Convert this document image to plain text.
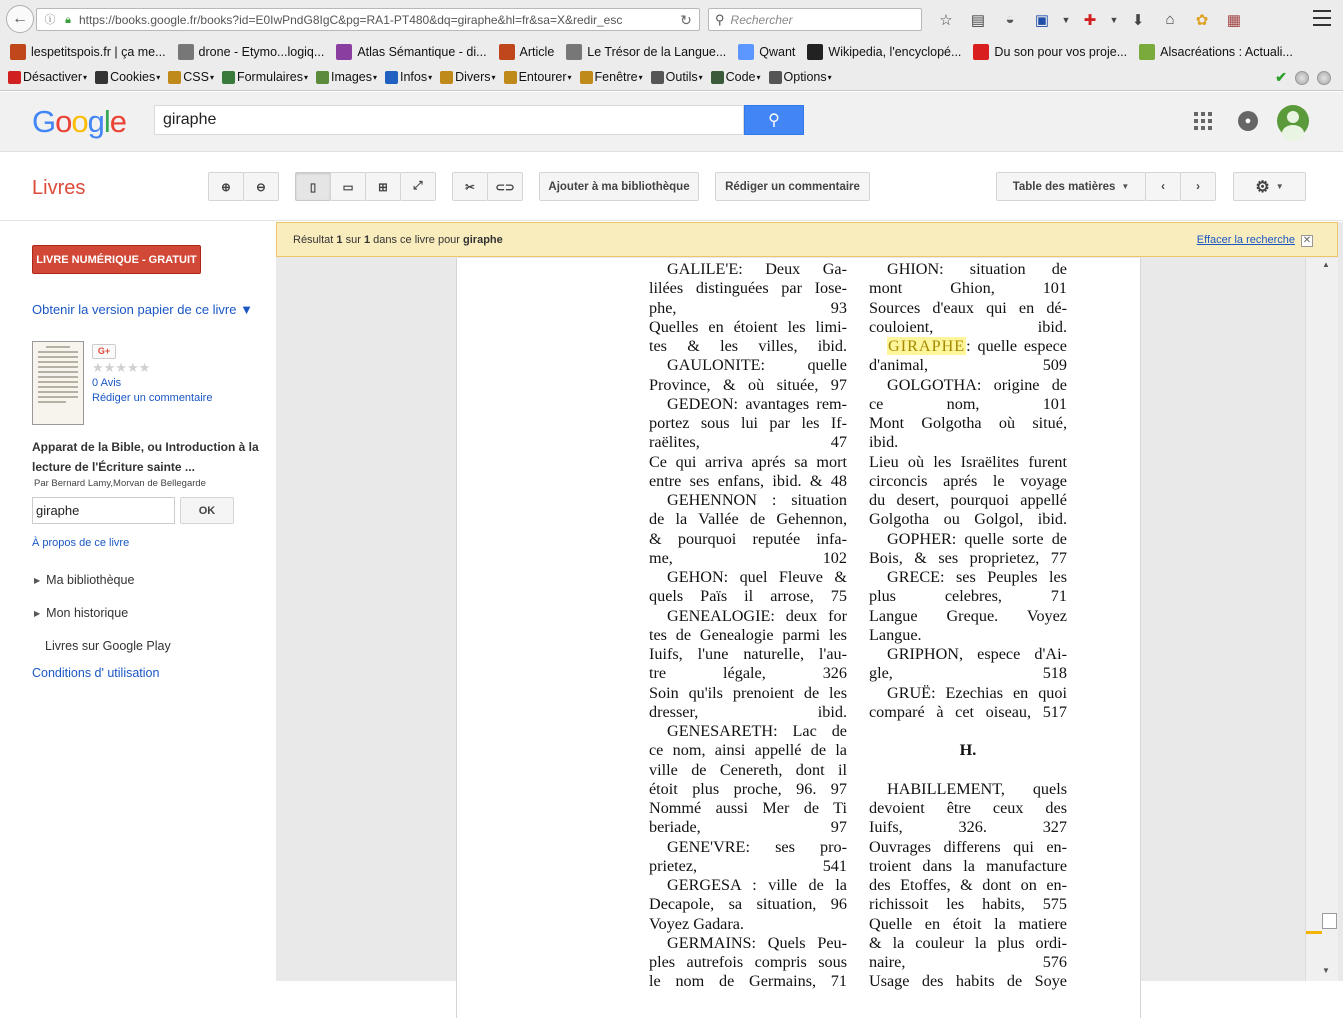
← ⓘ 🔒︎ https://books.google.fr/books?id=E0IwPndG8IgC&pg=RA1-PT480&dq=giraphe&hl=fr&sa=X&redir_esc	↻ ⚲ Rechercher	☆	▤	◒	▣	▼ ✚	▼ ⬇	⌂	✿	▦
lespetitspois.fr | ça me...	drone - Etymo...logiq...	Atlas Sémantique - di...	Article	Le Trésor de la Langue...	Qwant	Wikipedia, l'encyclopé...	Du son pour vos proje...	Alsacréations : Actuali...
Désactiver ▾ Cookies ▾ CSS ▾ Formulaires ▾ Images ▾ Infos ▾ Divers ▾ Entourer ▾ Fenêtre ▾ Outils ▾ Code ▾ Options ▾	✔
Google	giraphe	⚲	●
Livres	⊕ ⊖	▯ ▭ ⊞ ⤢	✂ ⊂⊃	Ajouter à ma bibliothèque	Rédiger un commentaire	Table des matières ▼	‹	›	⚙ ▼
LIVRE NUMÉRIQUE - GRATUIT
Obtenir la version papier de ce livre ▼
G+
★★★★★
0 Avis
Rédiger un commentaire
Apparat de la Bible, ou Introduction à la lecture de l'Écriture sainte ...
Par Bernard Lamy,Morvan de Bellegarde
giraphe	OK
À propos de ce livre
▶ Ma bibliothèque
▶ Mon historique
Livres sur Google Play
Conditions d' utilisation
Résultat 1 sur 1 dans ce livre pour giraphe	Effacer la recherche ✕
GALILE'E: Deux Ga-
lilées distinguées par Iose-
phe, 93
Quelles en étoient les limi-
tes & les villes, ibid.
GAULONITE: quelle
Province, & où située, 97
GEDEON: avantages rem-
portez sous lui par les If-
raëlites, 47
Ce qui arriva aprés sa mort
entre ses enfans, ibid. & 48
GEHENNON : situation
de la Vallée de Gehennon,
& pourquoi reputée infa-
me, 102
GEHON: quel Fleuve &
quels Païs il arrose, 75
GENEALOGIE: deux for
tes de Genealogie parmi les
Iuifs, l'une naturelle, l'au-
tre légale, 326
Soin qu'ils prenoient de les
dresser, ibid.
GENESARETH: Lac de
ce nom, ainsi appellé de la
ville de Cenereth, dont il
étoit plus proche, 96. 97
Nommé aussi Mer de Ti
beriade, 97
GENE'VRE: ses pro-
prietez, 541
GERGESA : ville de la
Decapole, sa situation, 96
Voyez Gadara.
GERMAINS: Quels Peu-
ples autrefois compris sous
le nom de Germains, 71
GHION: situation de
mont Ghion, 101
Sources d'eaux qui en dé-
couloient, ibid.
GIRAPHE: quelle espece
d'animal, 509
GOLGOTHA: origine de
ce nom, 101
Mont Golgotha où situé,
ibid.
Lieu où les Israëlites furent
circoncis aprés le voyage
du desert, pourquoi appellé
Golgotha ou Golgol, ibid.
GOPHER: quelle sorte de
Bois, & ses proprietez, 77
GRECE: ses Peuples les
plus celebres, 71
Langue Greque. Voyez
Langue.
GRIPHON, espece d'Ai-
gle, 518
GRUË: Ezechias en quoi
comparé à cet oiseau, 517
H.
HABILLEMENT, quels
devoient être ceux des
Iuifs, 326. 327
Ouvrages differens qui en-
troient dans la manufacture
des Etoffes, & dont on en-
richissoit les habits, 575
Quelle en étoit la matiere
& la couleur la plus ordi-
naire, 576
Usage des habits de Soye
▲
▼
